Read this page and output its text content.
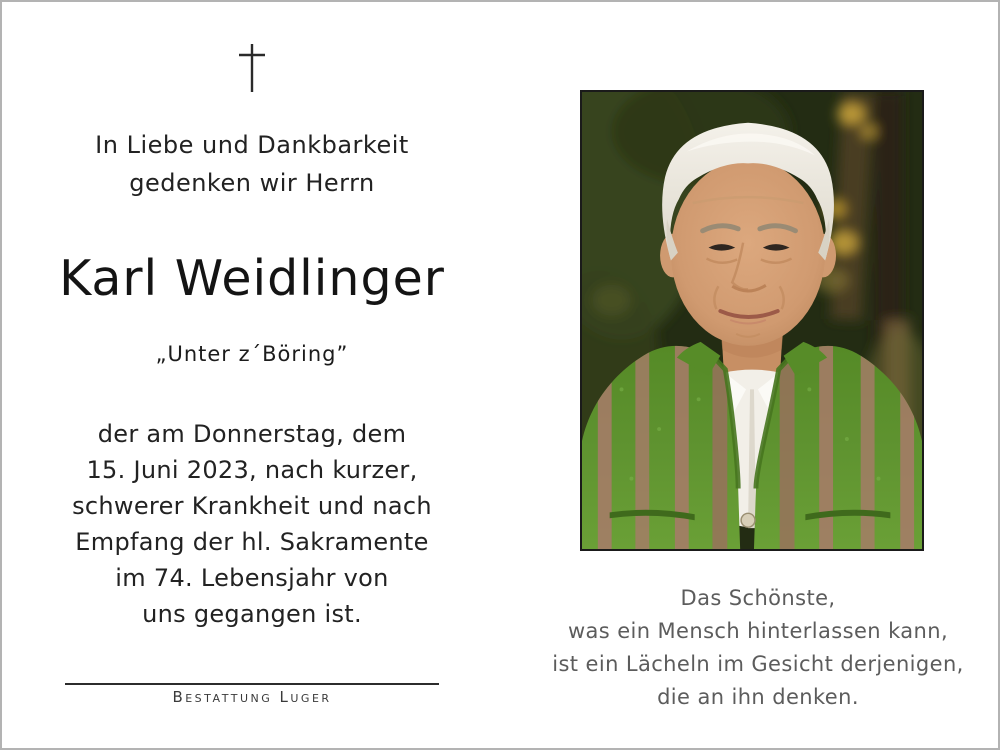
In Liebe und Dankbarkeit
gedenken wir Herrn
Karl Weidlinger
„Unter z´Böring”
der am Donnerstag, dem
15. Juni 2023, nach kurzer,
schwerer Krankheit und nach
Empfang der hl. Sakramente
im 74. Lebensjahr von
uns gegangen ist.
Bestattung Luger
Das Schönste,
was ein Mensch hinterlassen kann,
ist ein Lächeln im Gesicht derjenigen,
die an ihn denken.
